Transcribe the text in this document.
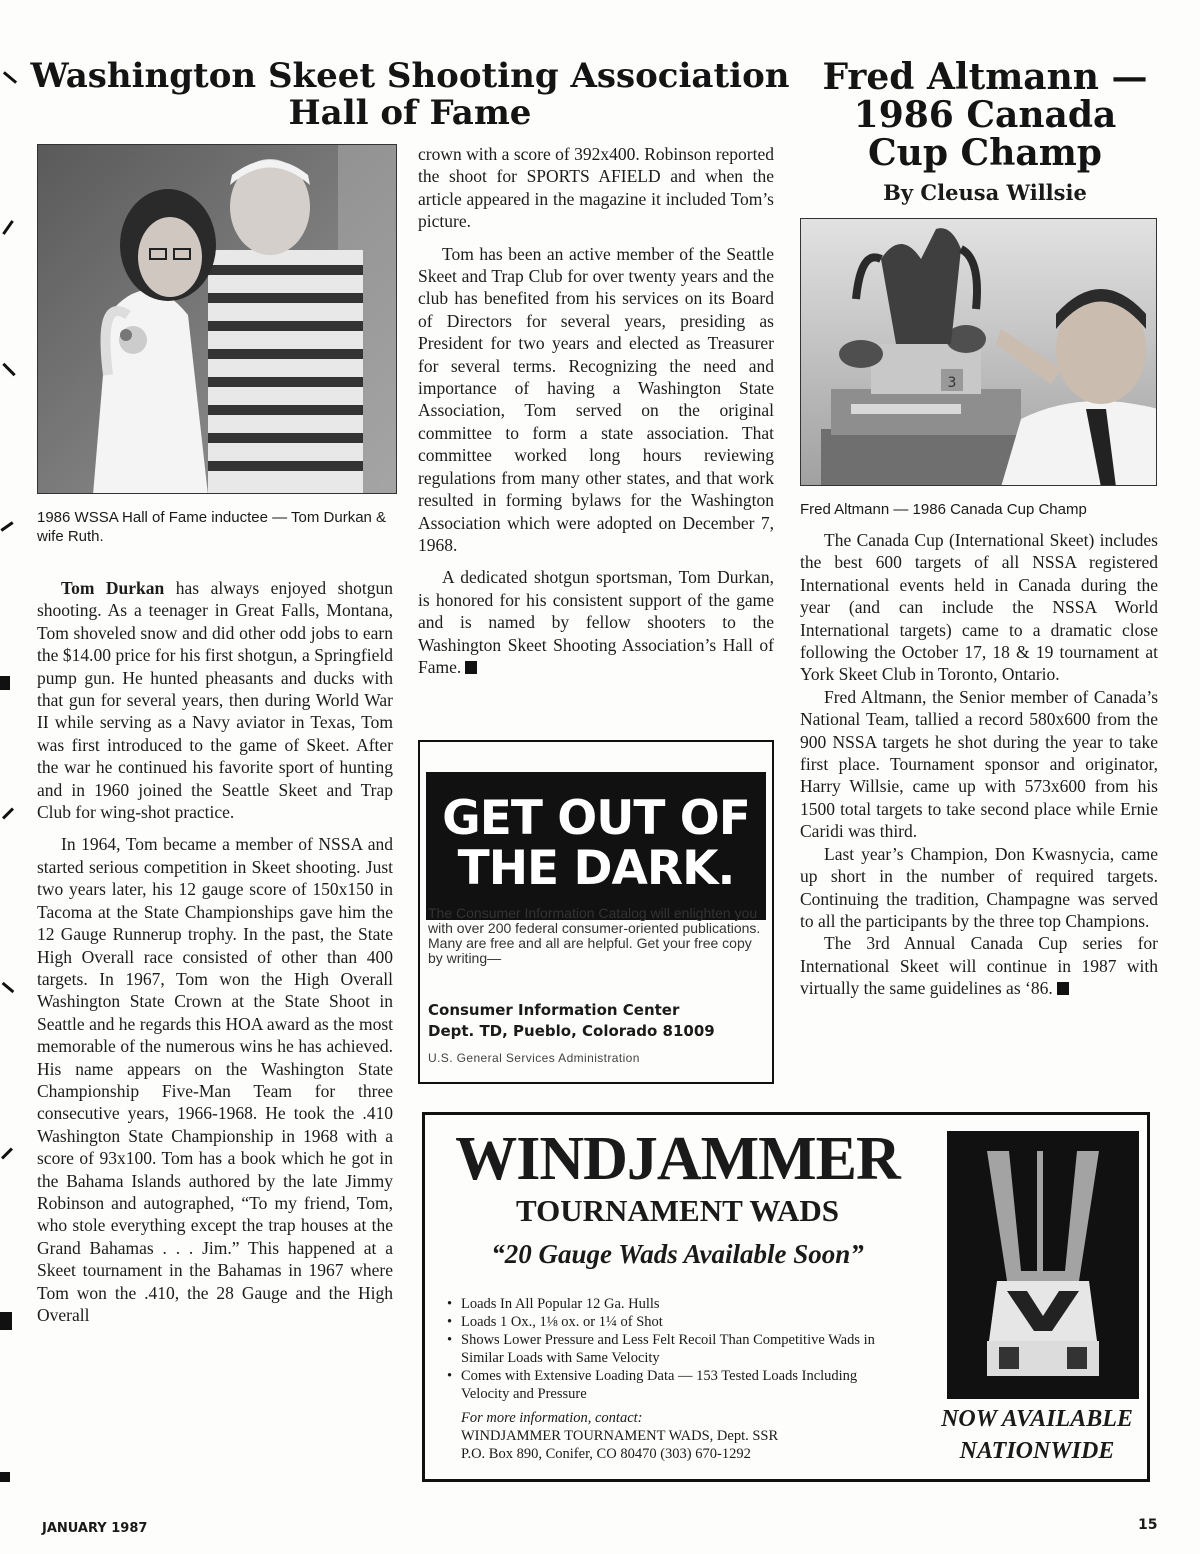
Washington Skeet Shooting Association
Hall of Fame
Fred Altmann —
1986 Canada
Cup Champ
By Cleusa Willsie
1986 WSSA Hall of Fame inductee — Tom Durkan & wife Ruth.

Tom Durkan has always enjoyed shotgun shooting. As a teenager in Great Falls, Montana, Tom shoveled snow and did other odd jobs to earn the $14.00 price for his first shotgun, a Springfield pump gun. He hunted pheasants and ducks with that gun for several years, then during World War II while serving as a Navy aviator in Texas, Tom was first introduced to the game of Skeet. After the war he continued his favorite sport of hunting and in 1960 joined the Seattle Skeet and Trap Club for wing-shot practice.

In 1964, Tom became a member of NSSA and started serious competition in Skeet shooting. Just two years later, his 12 gauge score of 150x150 in Tacoma at the State Championships gave him the 12 Gauge Runnerup trophy. In the past, the State High Overall race consisted of other than 400 targets. In 1967, Tom won the High Overall Washington State Crown at the State Shoot in Seattle and he regards this HOA award as the most memorable of the numerous wins he has achieved. His name appears on the Washington State Championship Five-Man Team for three consecutive years, 1966-1968. He took the .410 Washington State Championship in 1968 with a score of 93x100. Tom has a book which he got in the Bahama Islands authored by the late Jimmy Robinson and autographed, “To my friend, Tom, who stole everything except the trap houses at the Grand Bahamas . . . Jim.” This happened at a Skeet tournament in the Bahamas in 1967 where Tom won the .410, the 28 Gauge and the High Overall

crown with a score of 392x400. Robinson reported the shoot for SPORTS AFIELD and when the article appeared in the magazine it included Tom’s picture.

Tom has been an active member of the Seattle Skeet and Trap Club for over twenty years and the club has benefited from his services on its Board of Directors for several years, presiding as President for two years and elected as Treasurer for several terms. Recognizing the need and importance of having a Washington State Association, Tom served on the original committee to form a state association. That committee worked long hours reviewing regulations from many other states, and that work resulted in forming bylaws for the Washington Association which were adopted on December 7, 1968.

A dedicated shotgun sportsman, Tom Durkan, is honored for his consistent support of the game and is named by fellow shooters to the Washington Skeet Shooting Association’s Hall of Fame.

GET OUT OF
THE DARK.
The Consumer Information Catalog will enlighten you with over 200 federal consumer-oriented publications. Many are free and all are helpful. Get your free copy by writing—
Consumer Information Center
Dept. TD, Pueblo, Colorado 81009
U.S. General Services Administration
3
Fred Altmann — 1986 Canada Cup Champ

The Canada Cup (International Skeet) includes the best 600 targets of all NSSA registered International events held in Canada during the year (and can include the NSSA World International targets) came to a dramatic close following the October 17, 18 & 19 tournament at York Skeet Club in Toronto, Ontario.

Fred Altmann, the Senior member of Canada’s National Team, tallied a record 580x600 from the 900 NSSA targets he shot during the year to take first place. Tournament sponsor and originator, Harry Willsie, came up with 573x600 from his 1500 total targets to take second place while Ernie Caridi was third.

Last year’s Champion, Don Kwasnycia, came up short in the number of required targets. Continuing the tradition, Champagne was served to all the participants by the three top Champions.

The 3rd Annual Canada Cup series for International Skeet will continue in 1987 with virtually the same guidelines as ‘86.

WINDJAMMER
TOURNAMENT WADS
“20 Gauge Wads Available Soon”
• Loads In All Popular 12 Ga. Hulls
• Loads 1 Ox., 1⅛ ox. or 1¼ of Shot
• Shows Lower Pressure and Less Felt Recoil Than Competitive Wads in Similar Loads with Same Velocity
• Comes with Extensive Loading Data — 153 Tested Loads Including Velocity and Pressure
For more information, contact:
WINDJAMMER TOURNAMENT WADS, Dept. SSR
P.O. Box 890, Conifer, CO 80470 (303) 670-1292
NOW AVAILABLE
NATIONWIDE
JANUARY 1987	15
